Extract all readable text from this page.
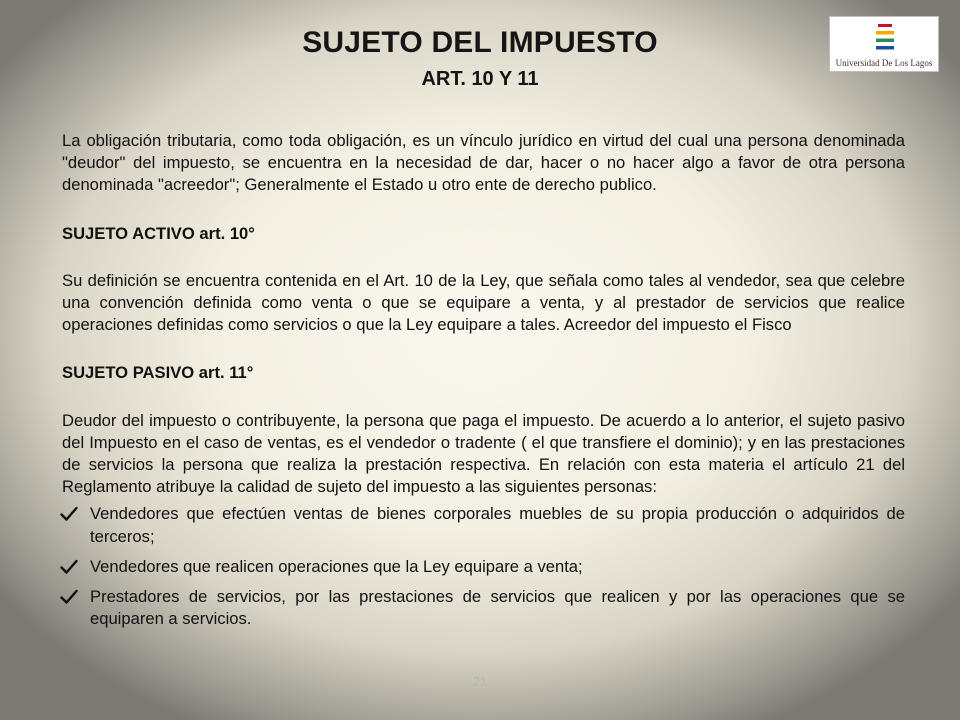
SUJETO DEL IMPUESTO
ART. 10 Y 11
Universidad De Los Lagos

La obligación tributaria, como toda obligación, es un vínculo jurídico en virtud del cual una persona denominada "deudor" del impuesto, se encuentra en la necesidad de dar, hacer o no hacer algo a favor de otra persona denominada "acreedor"; Generalmente el Estado u otro ente de derecho publico.

SUJETO ACTIVO art. 10°

Su definición se encuentra contenida en el Art. 10 de la Ley, que señala como tales al vendedor, sea que celebre una convención definida como venta o que se equipare a venta, y al prestador de servicios que realice operaciones definidas como servicios o que la Ley equipare a tales. Acreedor del impuesto el Fisco

SUJETO PASIVO art. 11°

Deudor del impuesto o contribuyente, la persona que paga el impuesto. De acuerdo a lo anterior, el sujeto pasivo del Impuesto en el caso de ventas, es el vendedor o tradente ( el que transfiere el dominio); y en las prestaciones de servicios la persona que realiza la prestación respectiva. En relación con esta materia el artículo 21 del Reglamento atribuye la calidad de sujeto del impuesto a las siguientes personas:

Vendedores que efectúen ventas de bienes corporales muebles de su propia producción o adquiridos de terceros;
Vendedores que realicen operaciones que la Ley equipare a venta;
Prestadores de servicios, por las prestaciones de servicios que realicen y por las operaciones que se equiparen a servicios.
21
